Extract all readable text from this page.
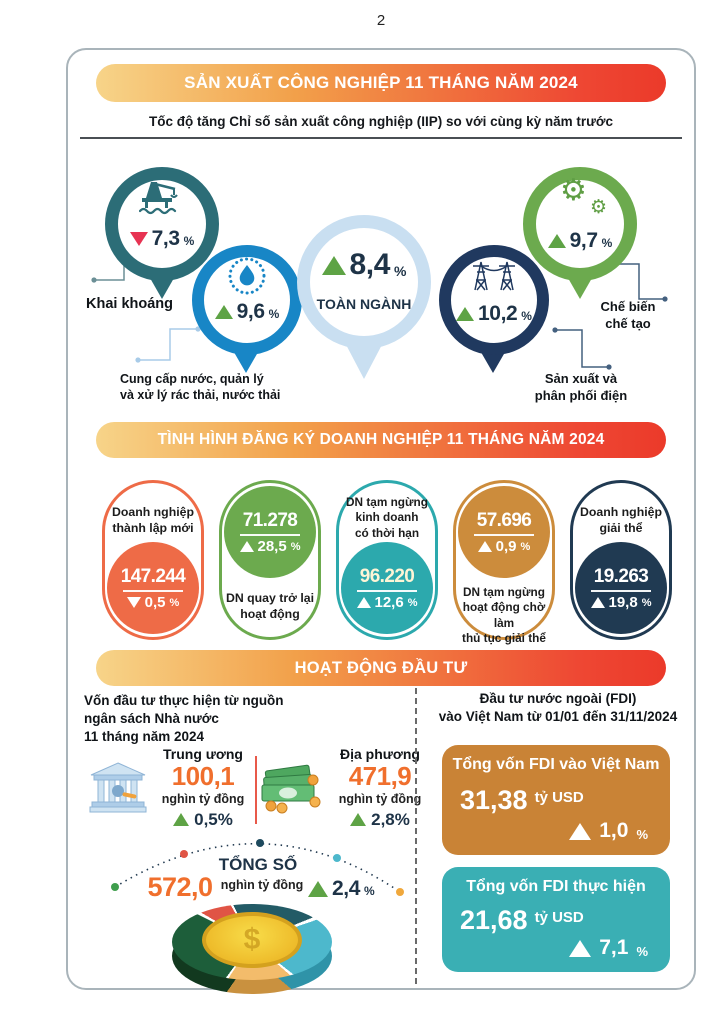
2
SẢN XUẤT CÔNG NGHIỆP 11 THÁNG NĂM 2024
Tốc độ tăng Chỉ số sản xuất công nghiệp (IIP) so với cùng kỳ năm trước
7,3 %
9,6 %
8,4 %
TOÀN NGÀNH	10,2 %
⚙ ⚙
9,7 %
Khai khoáng
Cung cấp nước, quản lý
và xử lý rác thải, nước thải
Sản xuất và
phân phối điện
Chế biến
chế tạo
TÌNH HÌNH ĐĂNG KÝ DOANH NGHIỆP 11 THÁNG NĂM 2024
Doanh nghiệp
thành lập mới
147.244
0,5 %
71.278
28,5 %
DN quay trở lại
hoạt động
DN tạm ngừng
kinh doanh
có thời hạn
96.220
12,6 %
57.696
0,9 %
DN tạm ngừng
hoạt động chờ làm
thủ tục giải thể
Doanh nghiệp
giải thể
19.263
19,8 %
HOẠT ĐỘNG ĐẦU TƯ
Vốn đầu tư thực hiện từ nguồn
ngân sách Nhà nước
11 tháng năm 2024
Trung ương
100,1
nghìn tỷ đồng
0,5%
Địa phương
471,9
nghìn tỷ đồng
2,8%
TỔNG SỐ
572,0 nghìn tỷ đồng	2,4 %
$
Đầu tư nước ngoài (FDI)
vào Việt Nam từ 01/01 đến 31/11/2024
Tổng vốn FDI vào Việt Nam
31,38 tỷ USD
1,0 %
Tổng vốn FDI thực hiện
21,68 tỷ USD
7,1 %
